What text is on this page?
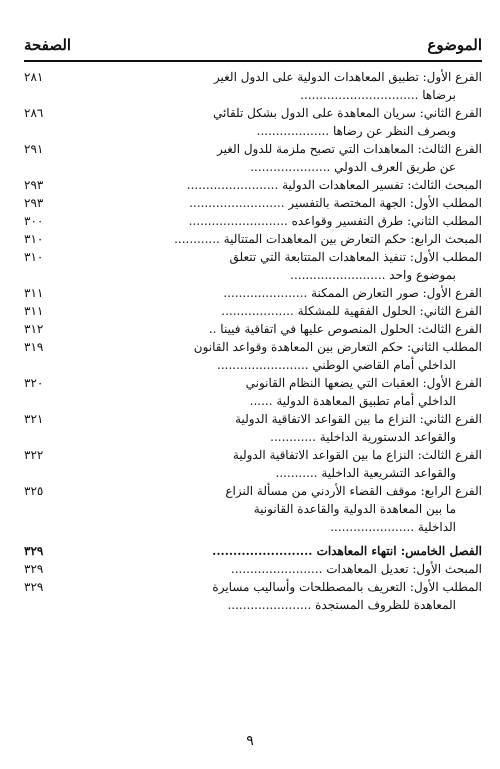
الموضوع
الصفحة
٢٨١	الفرع الأول: تطبيق المعاهدات الدولية على الدول الغير
برضاها ...............................
٢٨٦	الفرع الثاني: سريان المعاهدة على الدول بشكل تلقائي
وبصرف النظر عن رضاها ...................
٢٩١	الفرع الثالث: المعاهدات التي تصبح ملزمة للدول الغير
عن طريق العرف الدولي .....................
٢٩٣	المبحث الثالث: تفسير المعاهدات الدولية ........................
٢٩٣	المطلب الأول: الجهة المختصة بالتفسير .........................
٣٠٠	المطلب الثاني: طرق التفسير وقواعده ..........................
٣١٠	المبحث الرابع: حكم التعارض بين المعاهدات المتتالية ............
٣١٠	المطلب الأول: تنفيذ المعاهدات المتتابعة التي تتعلق
بموضوع واحد .........................
٣١١	الفرع الأول: صور التعارض الممكنة ......................
٣١١	الفرع الثاني: الحلول الفقهية للمشكلة ...................
٣١٢	الفرع الثالث: الحلول المنصوص عليها في اتفاقية فيينا ..
٣١٩	المطلب الثاني: حكم التعارض بين المعاهدة وقواعد القانون
الداخلي أمام القاضي الوطني ........................
٣٢٠	الفرع الأول: العقبات التي يضعها النظام القانوني
الداخلي أمام تطبيق المعاهدة الدولية ......
٣٢١	الفرع الثاني: النزاع ما بين القواعد الاتفاقية الدولية
والقواعد الدستورية الداخلية ............
٣٢٢	الفرع الثالث: النزاع ما بين القواعد الاتفاقية الدولية
والقواعد التشريعية الداخلية ...........
٣٢٥	الفرع الرابع: موقف القضاء الأردني من مسألة النزاع
ما بين المعاهدة الدولية والقاعدة القانونية
الداخلية ......................
٣٢٩	الفصل الخامس: انتهاء المعاهدات ........................
٣٢٩	المبحث الأول: تعديل المعاهدات ........................
٣٢٩	المطلب الأول: التعريف بالمصطلحات وأساليب مسايرة
المعاهدة للظروف المستجدة ......................
٩
